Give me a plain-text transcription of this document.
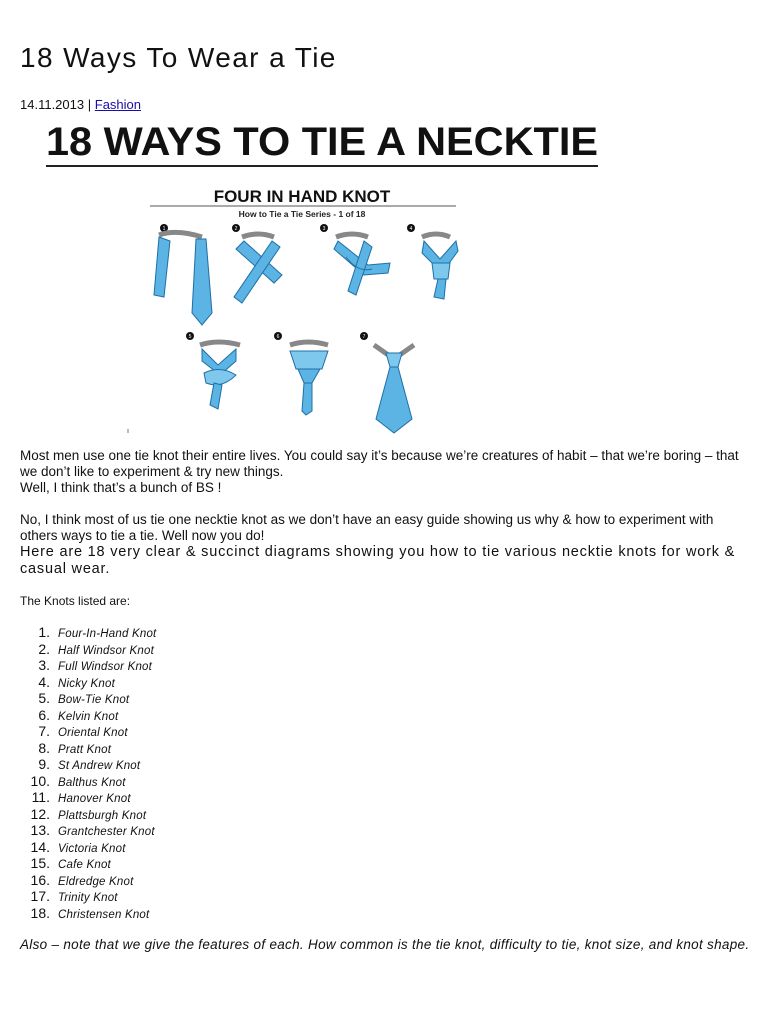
18 Ways To Wear a Tie
14.11.2013 | Fashion
18 WAYS TO TIE A NECKTIE
FOUR IN HAND KNOT
How to Tie a Tie Series - 1 of 18
1	2	3	4
5	6	7

Most men use one tie knot their entire lives. You could say it’s because we’re creatures of habit – that we’re boring – that we don’t like to experiment & try new things.

Well, I think that’s a bunch of BS !

No, I think most of us tie one necktie knot as we don’t have an easy guide showing us why & how to experiment with others ways to tie a tie. Well now you do!

Here are 18 very clear & succinct diagrams showing you how to tie various necktie knots for work & casual wear.

The Knots listed are:
1. Four-In-Hand Knot
2. Half Windsor Knot
3. Full Windsor Knot
4. Nicky Knot
5. Bow-Tie Knot
6. Kelvin Knot
7. Oriental Knot
8. Pratt Knot
9. St Andrew Knot
10. Balthus Knot
11. Hanover Knot
12. Plattsburgh Knot
13. Grantchester Knot
14. Victoria Knot
15. Cafe Knot
16. Eldredge Knot
17. Trinity Knot
18. Christensen Knot

Also – note that we give the features of each. How common is the tie knot, difficulty to tie, knot size, and knot shape.
